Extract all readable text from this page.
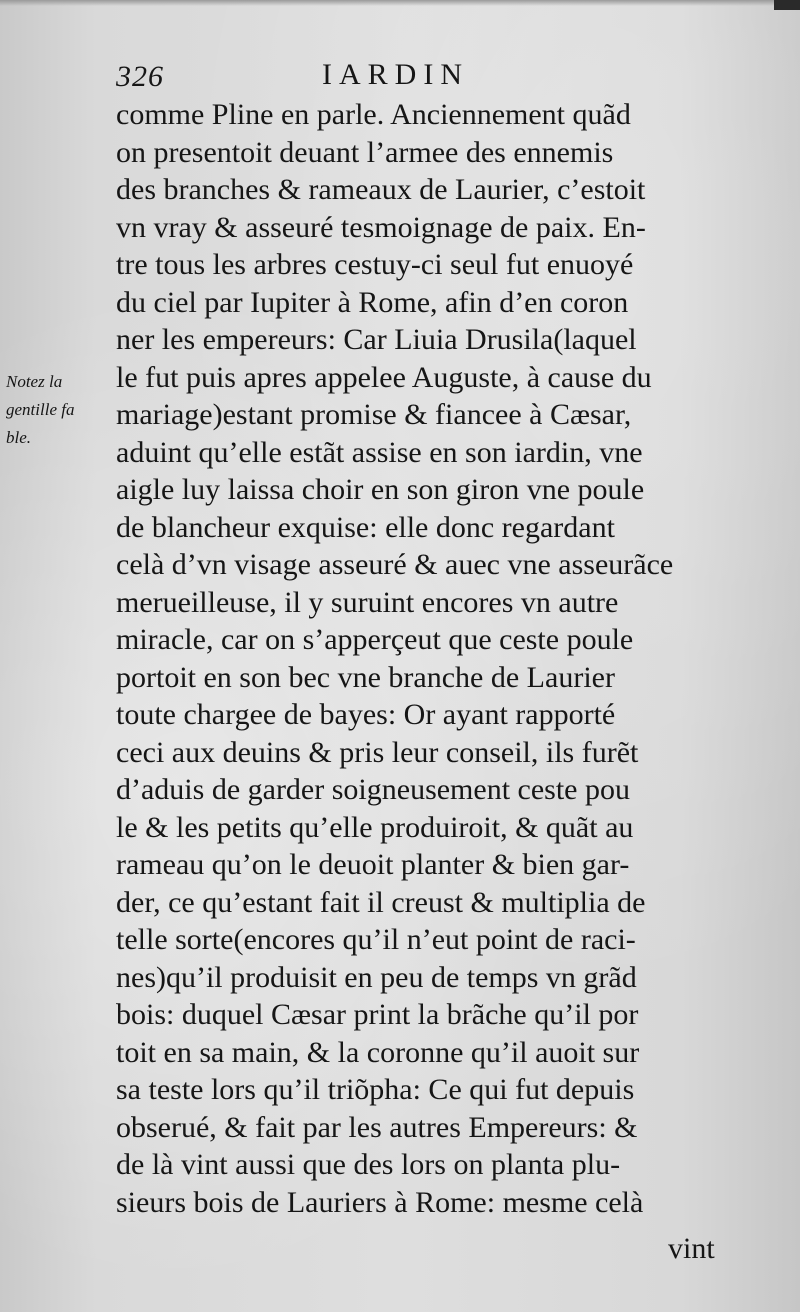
326	IARDIN
Notez la
gentille fa
ble.
comme Pline en parle. Anciennement quãd
on presentoit deuant l’armee des ennemis
des branches & rameaux de Laurier, c’estoit
vn vray & asseuré tesmoignage de paix. En-
tre tous les arbres cestuy-ci seul fut enuoyé
du ciel par Iupiter à Rome, afin d’en coron
ner les empereurs: Car Liuia Drusila(laquel
le fut puis apres appelee Auguste, à cause du
mariage)estant promise & fiancee à Cæsar,
aduint qu’elle estãt assise en son iardin, vne
aigle luy laissa choir en son giron vne poule
de blancheur exquise: elle donc regardant
celà d’vn visage asseuré & auec vne asseurãce
merueilleuse, il y suruint encores vn autre
miracle, car on s’apperçeut que ceste poule
portoit en son bec vne branche de Laurier
toute chargee de bayes: Or ayant rapporté
ceci aux deuins & pris leur conseil, ils furẽt
d’aduis de garder soigneusement ceste pou
le & les petits qu’elle produiroit, & quãt au
rameau qu’on le deuoit planter & bien gar-
der, ce qu’estant fait il creust & multiplia de
telle sorte(encores qu’il n’eut point de raci-
nes)qu’il produisit en peu de temps vn grãd
bois: duquel Cæsar print la brãche qu’il por
toit en sa main, & la coronne qu’il auoit sur
sa teste lors qu’il triõpha: Ce qui fut depuis
obserué, & fait par les autres Empereurs: &
de là vint aussi que des lors on planta plu-
sieurs bois de Lauriers à Rome: mesme celà
vint
